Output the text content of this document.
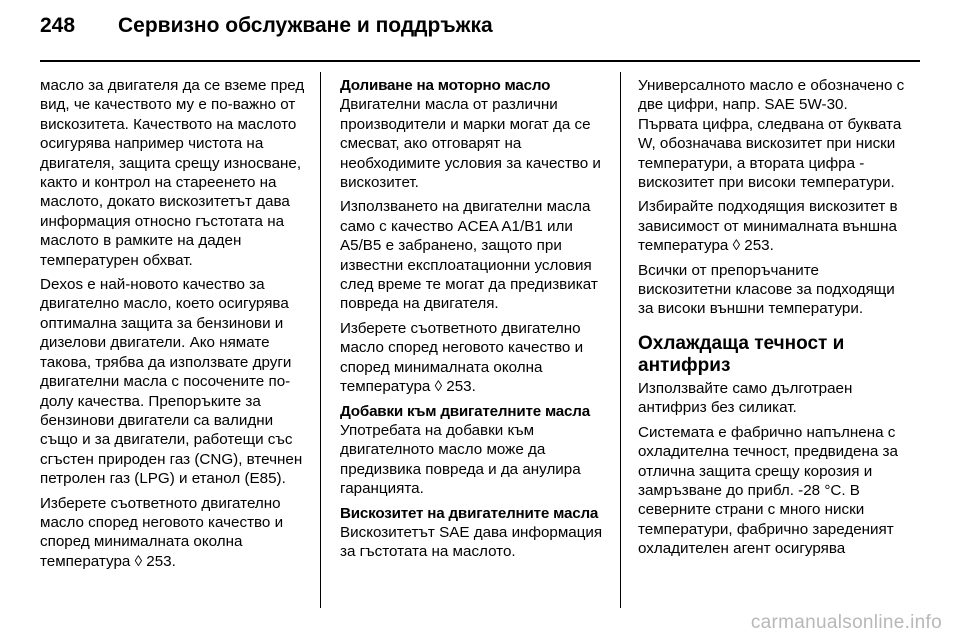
248	Сервизно обслужване и поддръжка

масло за двигателя да се вземе пред вид, че качеството му е по-важно от вискозитета. Качеството на маслото осигурява например чистота на двигателя, защита срещу износване, както и контрол на стареенето на маслото, докато вискозитетът дава информация относно гъстотата на маслото в рамките на даден температурен обхват.

Dexos е най-новото качество за двигателно масло, което осигурява оптимална защита за бензинови и дизелови двигатели. Ако нямате такова, трябва да използвате други двигателни масла с посочените по-долу качества. Препоръките за бензинови двигатели са валидни също и за двигатели, работещи със сгъстен природен газ (CNG), втечнен петролен газ (LPG) и етанол (E85).

Изберете съответното двигателно масло според неговото качество и според минималната околна температура ◊ 253.

Доливане на моторно масло

Двигателни масла от различни производители и марки могат да се смесват, ако отговарят на необходимите условия за качество и вискозитет.

Използването на двигателни масла само с качество ACEA A1/B1 или A5/B5 е забранено, защото при известни експлоатационни условия след време те могат да предизвикат повреда на двигателя.

Изберете съответното двигателно масло според неговото качество и според минималната околна температура ◊ 253.

Добавки към двигателните масла

Употребата на добавки към двигателното масло може да предизвика повреда и да анулира гаранцията.

Вискозитет на двигателните масла

Вискозитетът SAE дава информация за гъстотата на маслото.

Универсалното масло е обозначено с две цифри, напр. SAE 5W-30. Първата цифра, следвана от буквата W, обозначава вискозитет при ниски температури, а втората цифра - вискозитет при високи температури.

Избирайте подходящия вискозитет в зависимост от минималната външна температура ◊ 253.

Всички от препоръчаните вискозитетни класове за подходящи за високи външни температури.

Охлаждаща течност и антифриз

Използвайте само дълготраен антифриз без силикат.

Системата е фабрично напълнена с охладителна течност, предвидена за отлична защита срещу корозия и замръзване до прибл. -28 °C. В северните страни с много ниски температури, фабрично зареденият охладителен агент осигурява

carmanualsonline.info
